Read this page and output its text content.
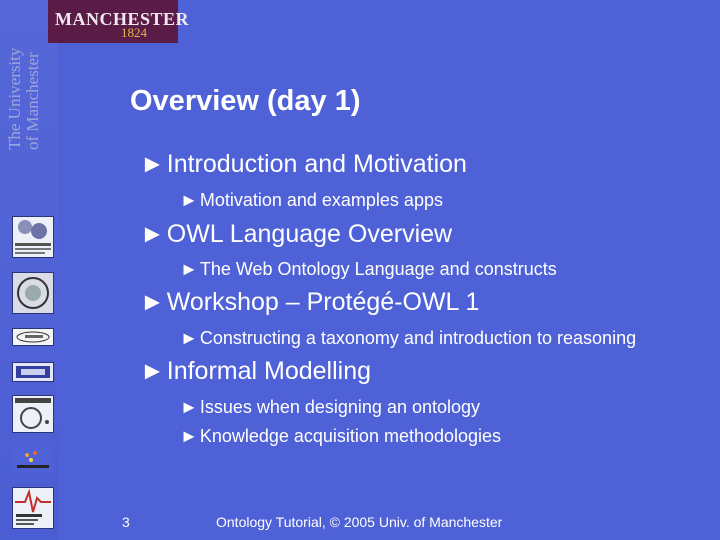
The University of Manchester
MANCHESTER
1824
Overview (day 1)
►Introduction and Motivation
► Motivation and examples apps
►OWL Language Overview
► The Web Ontology Language and constructs
►Workshop – Protégé-OWL 1
► Constructing a taxonomy and introduction to reasoning
►Informal Modelling
► Issues when designing an ontology
► Knowledge acquisition methodologies
3	Ontology Tutorial, © 2005 Univ. of Manchester
